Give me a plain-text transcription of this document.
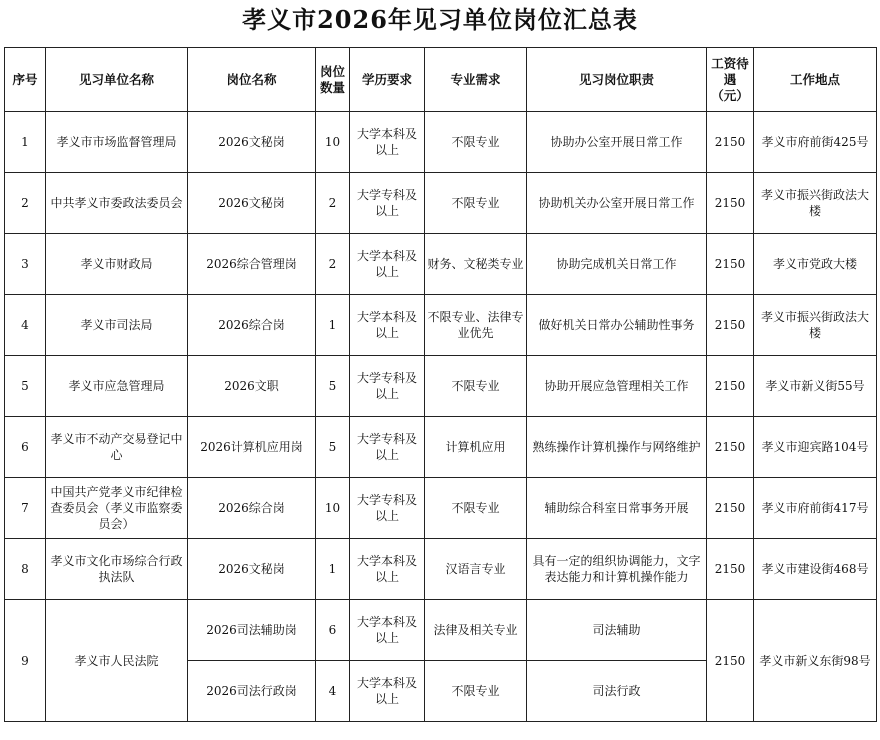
孝义市2026年见习单位岗位汇总表
序号	见习单位名称	岗位名称	岗位数量	学历要求	专业需求	见习岗位职责	工资待遇（元）	工作地点
1	孝义市市场监督管理局	2026文秘岗	10	大学本科及以上	不限专业	协助办公室开展日常工作	2150	孝义市府前街425号
2	中共孝义市委政法委员会	2026文秘岗	2	大学专科及以上	不限专业	协助机关办公室开展日常工作	2150	孝义市振兴街政法大楼
3	孝义市财政局	2026综合管理岗	2	大学本科及以上	财务、文秘类专业	协助完成机关日常工作	2150	孝义市党政大楼
4	孝义市司法局	2026综合岗	1	大学本科及以上	不限专业、法律专业优先	做好机关日常办公辅助性事务	2150	孝义市振兴街政法大楼
5	孝义市应急管理局	2026文职	5	大学专科及以上	不限专业	协助开展应急管理相关工作	2150	孝义市新义街55号
6	孝义市不动产交易登记中心	2026计算机应用岗	5	大学专科及以上	计算机应用	熟练操作计算机操作与网络维护	2150	孝义市迎宾路104号
7	中国共产党孝义市纪律检查委员会（孝义市监察委员会）	2026综合岗	10	大学专科及以上	不限专业	辅助综合科室日常事务开展	2150	孝义市府前街417号
8	孝义市文化市场综合行政执法队	2026文秘岗	1	大学本科及以上	汉语言专业	具有一定的组织协调能力，文字表达能力和计算机操作能力	2150	孝义市建设街468号
9	孝义市人民法院	2026司法辅助岗	6	大学本科及以上	法律及相关专业	司法辅助	2150	孝义市新义东街98号
		2026司法行政岗	4	大学本科及以上	不限专业	司法行政		
